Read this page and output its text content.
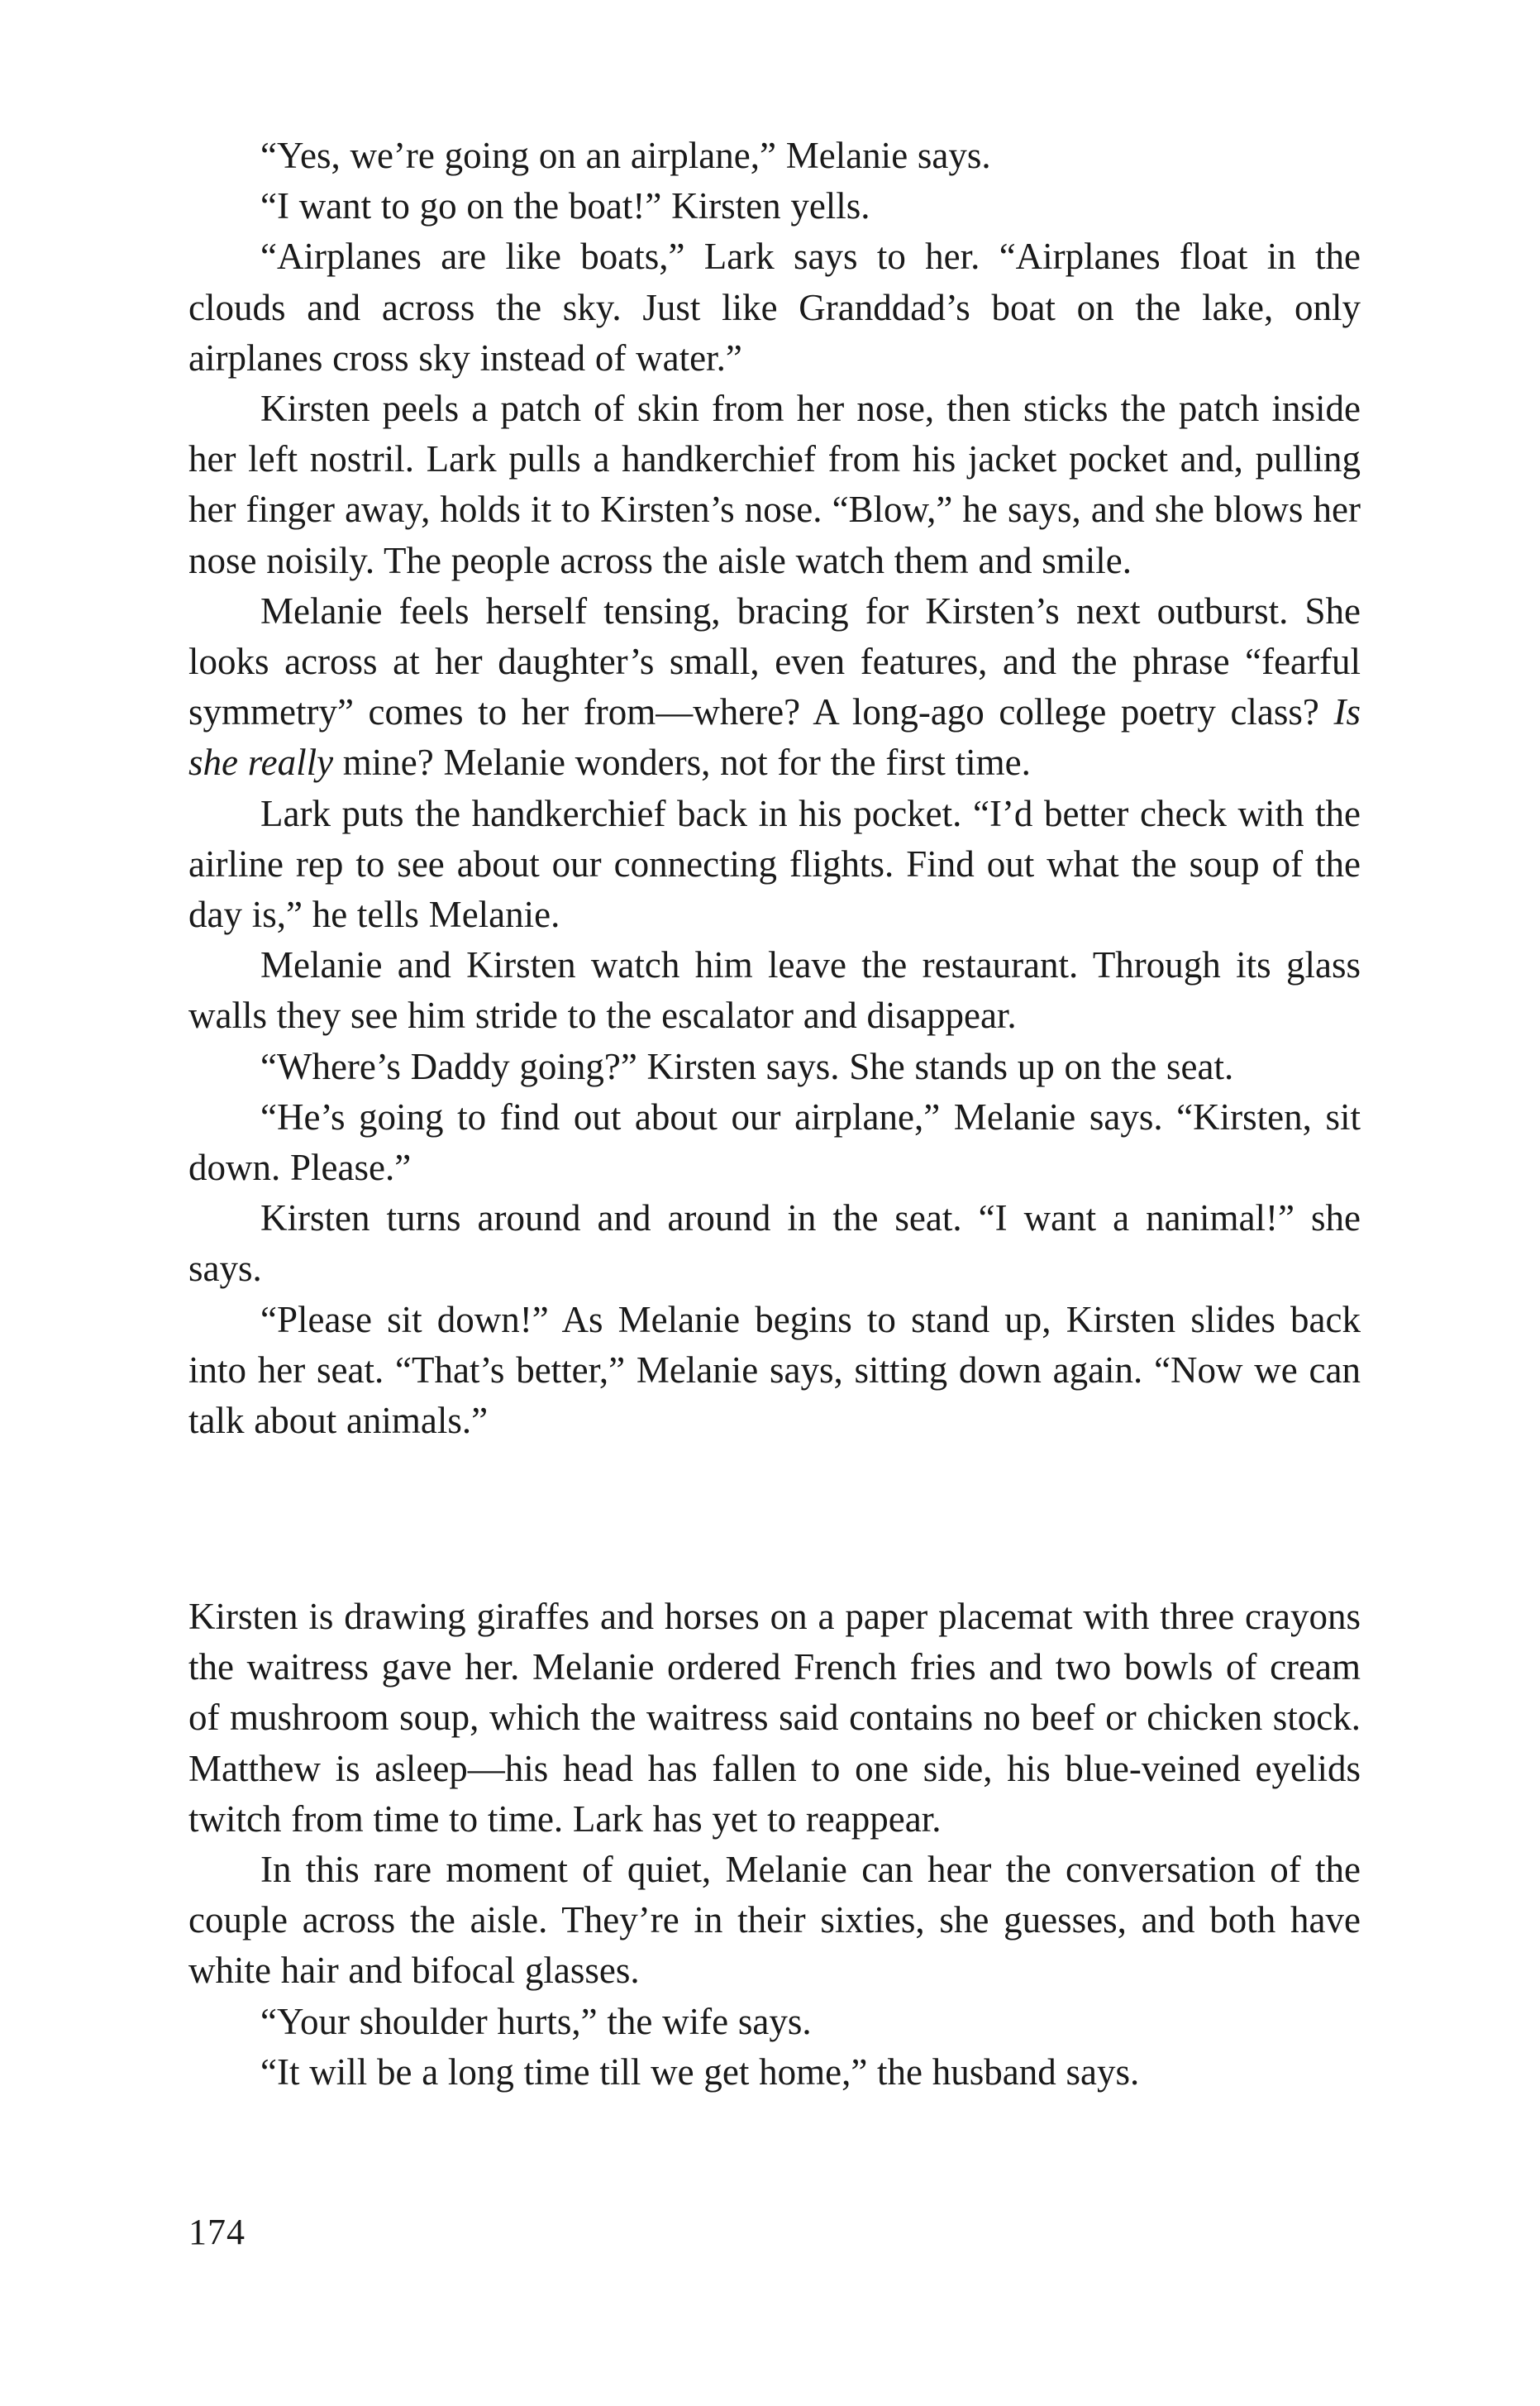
“Yes, we’re going on an airplane,” Melanie says.

“I want to go on the boat!” Kirsten yells.

“Airplanes are like boats,” Lark says to her. “Airplanes float in the clouds and across the sky. Just like Granddad’s boat on the lake, only airplanes cross sky instead of water.”

Kirsten peels a patch of skin from her nose, then sticks the patch inside her left nostril. Lark pulls a handkerchief from his jacket pocket and, pulling her finger away, holds it to Kirsten’s nose. “Blow,” he says, and she blows her nose noisily. The people across the aisle watch them and smile.

Melanie feels herself tensing, bracing for Kirsten’s next outburst. She looks across at her daughter’s small, even features, and the phrase “fearful symmetry” comes to her from—where? A long-ago college poetry class? Is she really mine? Melanie wonders, not for the first time.

Lark puts the handkerchief back in his pocket. “I’d better check with the airline rep to see about our connecting flights. Find out what the soup of the day is,” he tells Melanie.

Melanie and Kirsten watch him leave the restaurant. Through its glass walls they see him stride to the escalator and disappear.

“Where’s Daddy going?” Kirsten says. She stands up on the seat.

“He’s going to find out about our airplane,” Melanie says. “Kirsten, sit down. Please.”

Kirsten turns around and around in the seat. “I want a nanimal!” she says.

“Please sit down!” As Melanie begins to stand up, Kirsten slides back into her seat. “That’s better,” Melanie says, sitting down again. “Now we can talk about animals.”

Kirsten is drawing giraffes and horses on a paper placemat with three crayons the waitress gave her. Melanie ordered French fries and two bowls of cream of mushroom soup, which the waitress said contains no beef or chicken stock. Matthew is asleep—his head has fallen to one side, his blue-veined eyelids twitch from time to time. Lark has yet to reappear.

In this rare moment of quiet, Melanie can hear the conversation of the couple across the aisle. They’re in their sixties, she guesses, and both have white hair and bifocal glasses.

“Your shoulder hurts,” the wife says.

“It will be a long time till we get home,” the husband says.

174
